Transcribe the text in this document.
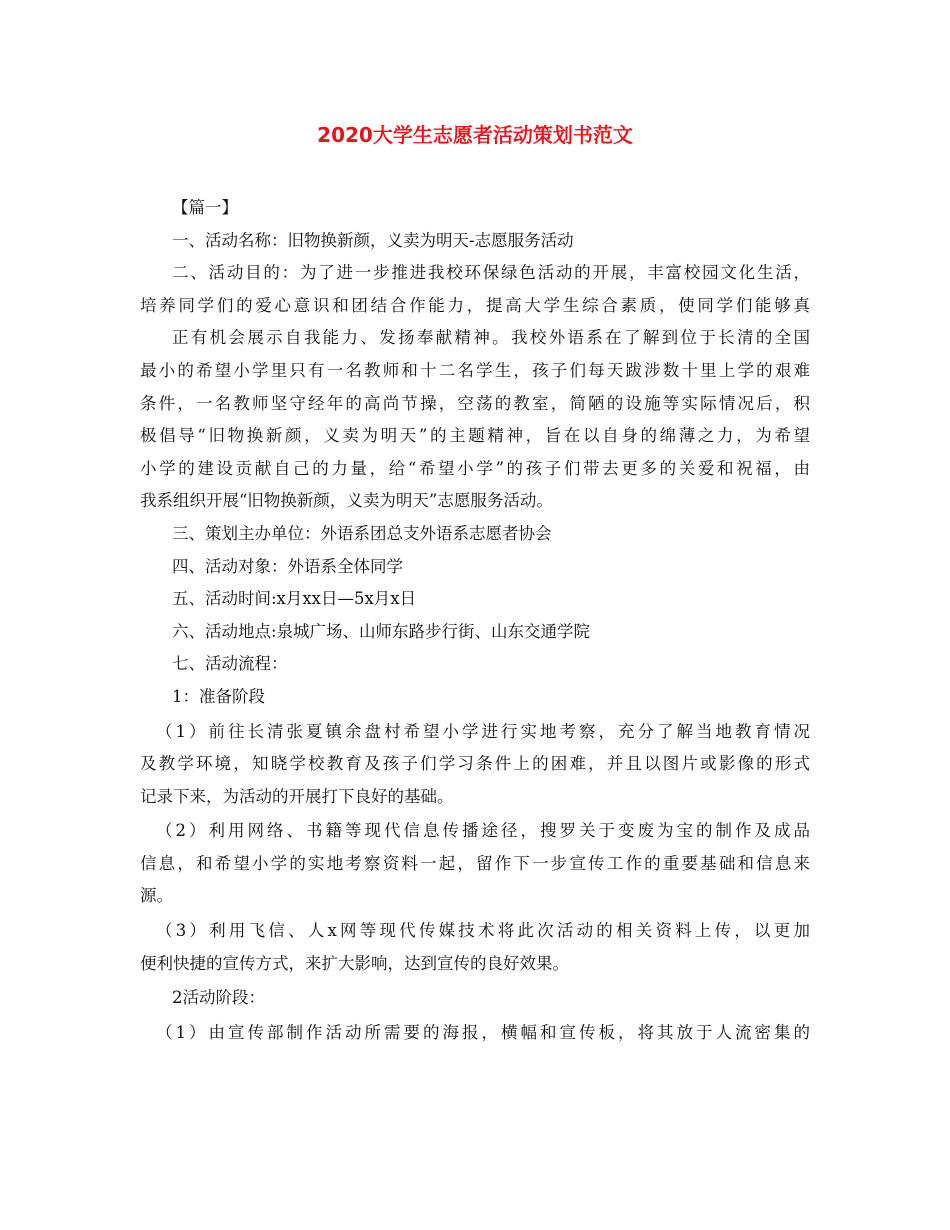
2020大学生志愿者活动策划书范文
【篇一】
一、活动名称：旧物换新颜，义卖为明天-志愿服务活动
二、活动目的：为了进一步推进我校环保绿色活动的开展，丰富校园文化生活，
培养同学们的爱心意识和团结合作能力，提高大学生综合素质，使同学们能够真
正有机会展示自我能力、发扬奉献精神。我校外语系在了解到位于长清的全国
最小的希望小学里只有一名教师和十二名学生，孩子们每天跋涉数十里上学的艰难
条件，一名教师坚守经年的高尚节操，空荡的教室，简陋的设施等实际情况后，积
极倡导“旧物换新颜，义卖为明天”的主题精神，旨在以自身的绵薄之力，为希望
小学的建设贡献自己的力量，给“希望小学”的孩子们带去更多的关爱和祝福，由
我系组织开展“旧物换新颜，义卖为明天”志愿服务活动。
三、策划主办单位：外语系团总支外语系志愿者协会
四、活动对象：外语系全体同学
五、活动时间:x月xx日—5x月x日
六、活动地点:泉城广场、山师东路步行街、山东交通学院
七、活动流程：
1：准备阶段
（1）前往长清张夏镇余盘村希望小学进行实地考察，充分了解当地教育情况
及教学环境，知晓学校教育及孩子们学习条件上的困难，并且以图片或影像的形式
记录下来，为活动的开展打下良好的基础。
（2）利用网络、书籍等现代信息传播途径，搜罗关于变废为宝的制作及成品
信息，和希望小学的实地考察资料一起，留作下一步宣传工作的重要基础和信息来
源。
（3）利用飞信、人x网等现代传媒技术将此次活动的相关资料上传，以更加
便利快捷的宣传方式，来扩大影响，达到宣传的良好效果。
2活动阶段：
（1）由宣传部制作活动所需要的海报，横幅和宣传板，将其放于人流密集的
